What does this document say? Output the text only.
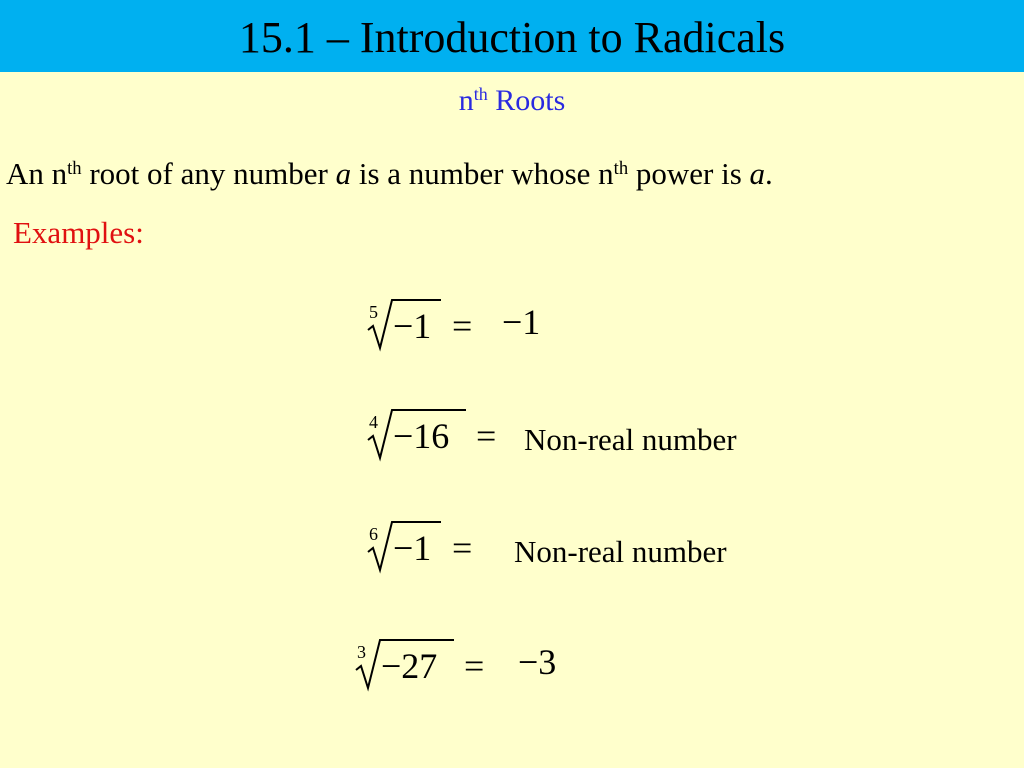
15.1 – Introduction to Radicals
$n^{th}$ Roots
An $n^{th}$ root of any number a is a number whose $n^{th}$ power is a.
Examples:
5 −1 = −1
4 −16 = Non-real number
6 −1 = Non-real number
3 −27 = −3
